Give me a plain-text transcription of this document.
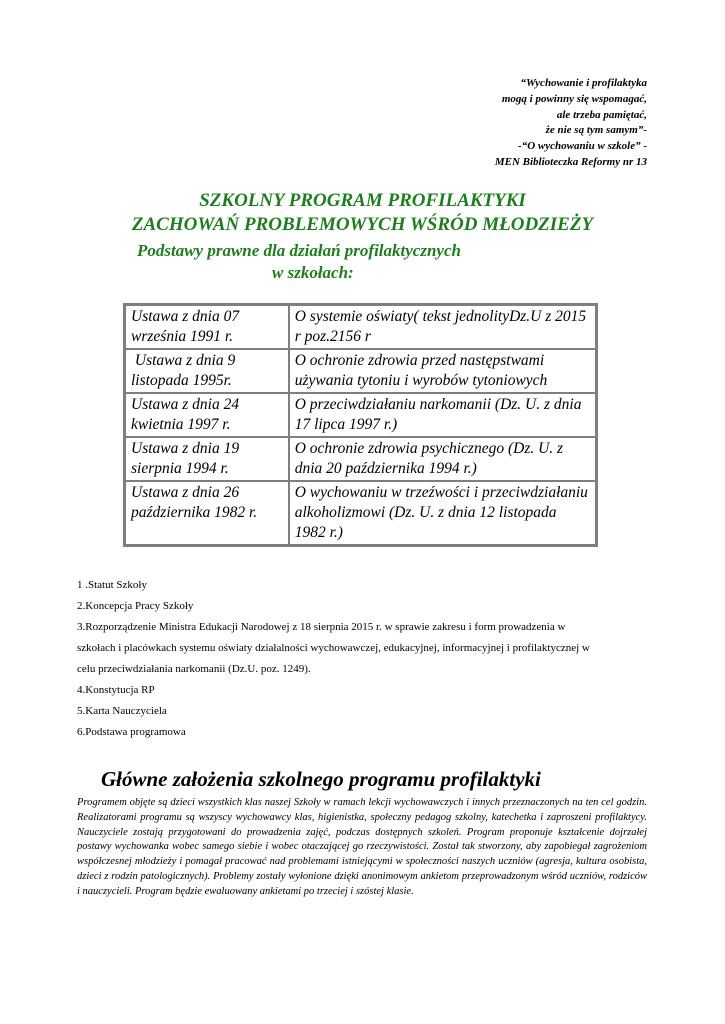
“Wychowanie i profilaktyka
mogą i powinny się wspomagać,
ale trzeba pamiętać,
że nie są tym samym”-
-“O wychowaniu w szkole” -
MEN Biblioteczka Reformy nr 13
SZKOLNY PROGRAM PROFILAKTYKI
ZACHOWAŃ PROBLEMOWYCH WŚRÓD MŁODZIEŻY
Podstawy prawne dla działań profilaktycznych
w szkołach:
Ustawa z dnia 07 września 1991 r.	O systemie oświaty( tekst jednolityDz.U z 2015 r poz.2156 r
Ustawa z dnia 9 listopada 1995r.	O ochronie zdrowia przed następstwami używania tytoniu i wyrobów tytoniowych
Ustawa z dnia 24 kwietnia 1997 r.	O przeciwdziałaniu narkomanii (Dz. U. z dnia 17 lipca 1997 r.)
Ustawa z dnia 19 sierpnia 1994 r.	O ochronie zdrowia psychicznego (Dz. U. z dnia 20 października 1994 r.)
Ustawa z dnia 26 października 1982 r.	O wychowaniu w trzeźwości i przeciwdziałaniu alkoholizmowi (Dz. U. z dnia 12 listopada 1982 r.)
1 .Statut Szkoły
2.Koncepcja Pracy Szkoły
3.Rozporządzenie Ministra Edukacji Narodowej z 18 sierpnia 2015 r. w sprawie zakresu i form prowadzenia w
szkołach i placówkach systemu oświaty działalności wychowawczej, edukacyjnej, informacyjnej i profilaktycznej w
celu przeciwdziałania narkomanii (Dz.U. poz. 1249).
4.Konstytucja RP
5.Karta Nauczyciela
6.Podstawa programowa
Główne założenia szkolnego programu profilaktyki
Programem objęte są dzieci wszystkich klas naszej Szkoły w ramach lekcji wychowawczych i innych przeznaczonych na ten cel godzin. Realizatorami programu są wszyscy wychowawcy klas, higienistka, społeczny pedagog szkolny, katechetka i zaproszeni profilaktycy. Nauczyciele zostają przygotowani do prowadzenia zajęć, podczas dostępnych szkoleń. Program proponuje kształcenie dojrzałej postawy wychowanka wobec samego siebie i wobec otaczającej go rzeczywistości. Został tak stworzony, aby zapobiegał zagrożeniom współczesnej młodzieży i pomagał pracować nad problemami istniejącymi w społeczności naszych uczniów (agresja, kultura osobista, dzieci z rodzin patologicznych). Problemy zostały wyłonione dzięki anonimowym ankietom przeprowadzonym wśród uczniów, rodziców i nauczycieli. Program będzie ewaluowany ankietami po trzeciej i szóstej klasie.
